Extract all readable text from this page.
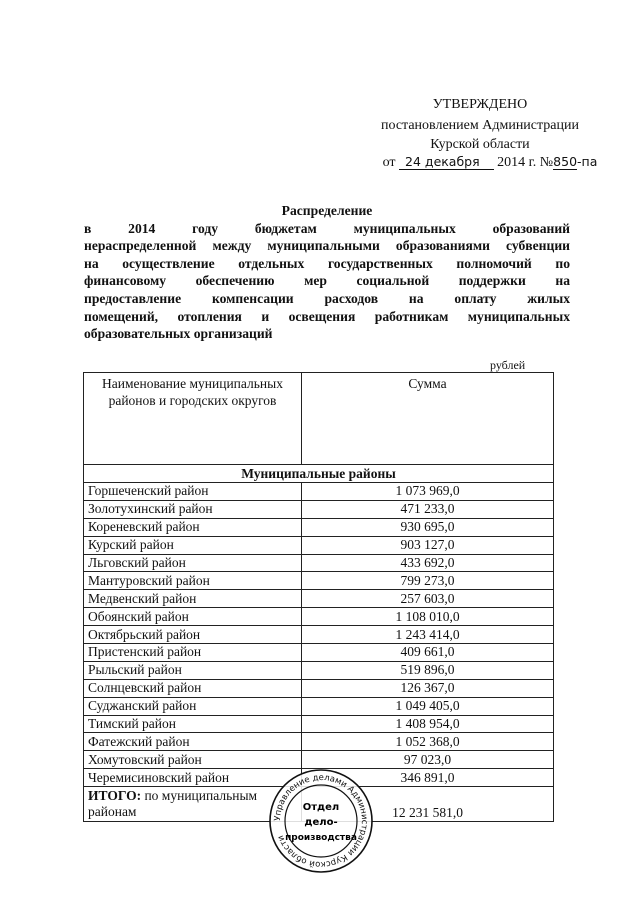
УТВЕРЖДЕНО
постановлением Администрации
Курской области
от 24 декабря 2014 г. №850-па
Распределение
в 2014 году бюджетам муниципальных образований
нераспределенной между муниципальными образованиями субвенции
на осуществление отдельных государственных полномочий по
финансовому обеспечению мер социальной поддержки на
предоставление компенсации расходов на оплату жилых
помещений, отопления и освещения работникам муниципальных
образовательных организаций
рублей
Наименование муниципальных районов и городских округов	Сумма
Муниципальные районы	
Горшеченский район	1 073 969,0
Золотухинский район	471 233,0
Кореневский район	930 695,0
Курский район	903 127,0
Льговский район	433 692,0
Мантуровский район	799 273,0
Медвенский район	257 603,0
Обоянский район	1 108 010,0
Октябрьский район	1 243 414,0
Пристенский район	409 661,0
Рыльский район	519 896,0
Солнцевский район	126 367,0
Суджанский район	1 049 405,0
Тимский район	1 408 954,0
Фатежский район	1 052 368,0
Хомутовский район	97 023,0
Черемисиновский район	346 891,0
ИТОГО: по муниципальным
районам	12 231 581,0
Управление делами Администрации Курской области
Отдел
дело-
производства
